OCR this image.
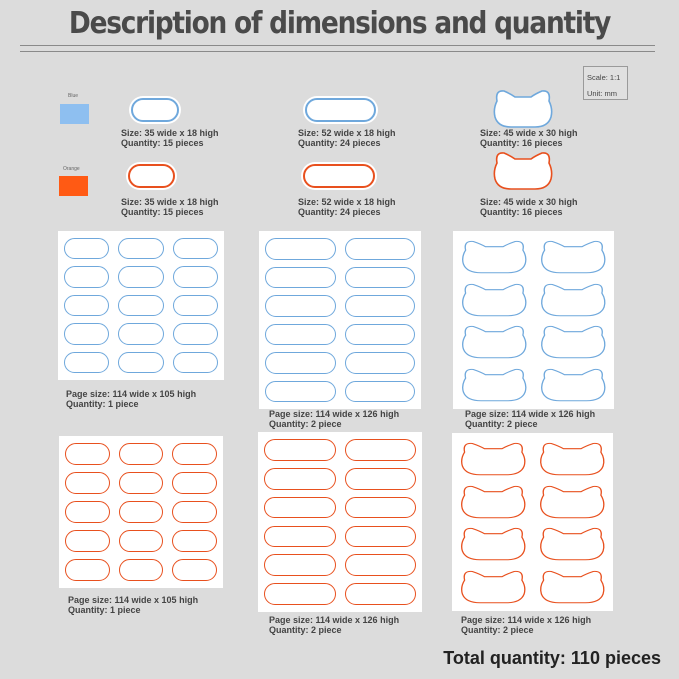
Description of dimensions and quantity
Scale: 1:1
Unit: mm
Blue
Orange
Size: 35 wide x 18 high
Quantity: 15 pieces
Size: 52 wide x 18 high
Quantity: 24 pieces
Size: 45 wide x 30 high
Quantity: 16 pieces
Size: 35 wide x 18 high
Quantity: 15 pieces
Size: 52 wide x 18 high
Quantity: 24 pieces
Size: 45 wide x 30 high
Quantity: 16 pieces
Page size: 114 wide x 105 high
Quantity: 1 piece
Page size: 114 wide x 126 high
Quantity: 2 piece
Page size: 114 wide x 126 high
Quantity: 2 piece
Page size: 114 wide x 105 high
Quantity: 1 piece
Page size: 114 wide x 126 high
Quantity: 2 piece
Page size: 114 wide x 126 high
Quantity: 2 piece
Total quantity: 110 pieces
